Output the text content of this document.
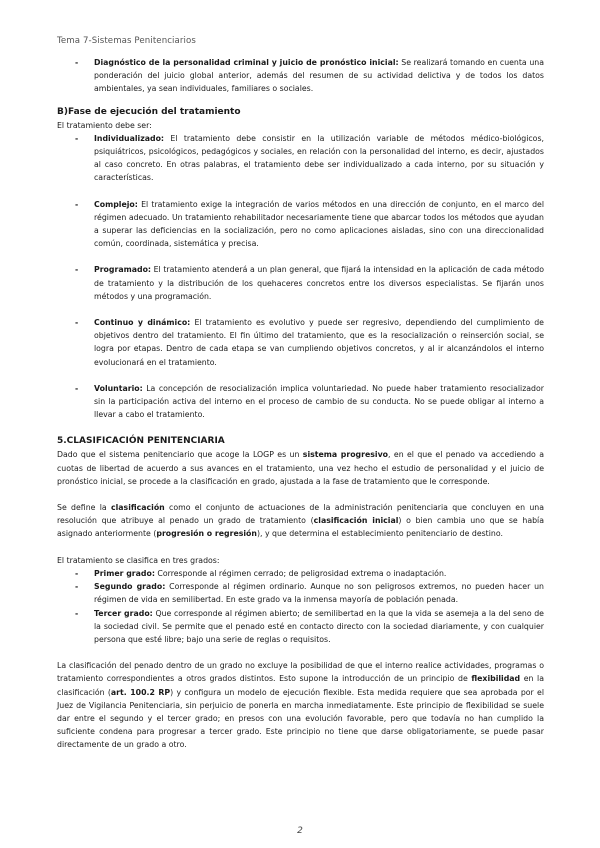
Tema 7-Sistemas Penitenciarios
- Diagnóstico de la personalidad criminal y juicio de pronóstico inicial: Se realizará tomando en cuenta una ponderación del juicio global anterior, además del resumen de su actividad delictiva y de todos los datos ambientales, ya sean individuales, familiares o sociales.
B)Fase de ejecución del tratamiento

El tratamiento debe ser:

- Individualizado: El tratamiento debe consistir en la utilización variable de métodos médico-biológicos, psiquiátricos, psicológicos, pedagógicos y sociales, en relación con la personalidad del interno, es decir, ajustados al caso concreto. En otras palabras, el tratamiento debe ser individualizado a cada interno, por su situación y características.
- Complejo: El tratamiento exige la integración de varios métodos en una dirección de conjunto, en el marco del régimen adecuado. Un tratamiento rehabilitador necesariamente tiene que abarcar todos los métodos que ayudan a superar las deficiencias en la socialización, pero no como aplicaciones aisladas, sino con una direccionalidad común, coordinada, sistemática y precisa.
- Programado: El tratamiento atenderá a un plan general, que fijará la intensidad en la aplicación de cada método de tratamiento y la distribución de los quehaceres concretos entre los diversos especialistas. Se fijarán unos métodos y una programación.
- Continuo y dinámico: El tratamiento es evolutivo y puede ser regresivo, dependiendo del cumplimiento de objetivos dentro del tratamiento. El fin último del tratamiento, que es la resocialización o reinserción social, se logra por etapas. Dentro de cada etapa se van cumpliendo objetivos concretos, y al ir alcanzándolos el interno evolucionará en el tratamiento.
- Voluntario: La concepción de resocialización implica voluntariedad. No puede haber tratamiento resocializador sin la participación activa del interno en el proceso de cambio de su conducta. No se puede obligar al interno a llevar a cabo el tratamiento.
5.CLASIFICACIÓN PENITENCIARIA

Dado que el sistema penitenciario que acoge la LOGP es un sistema progresivo, en el que el penado va accediendo a cuotas de libertad de acuerdo a sus avances en el tratamiento, una vez hecho el estudio de personalidad y el juicio de pronóstico inicial, se procede a la clasificación en grado, ajustada a la fase de tratamiento que le corresponde.

Se define la clasificación como el conjunto de actuaciones de la administración penitenciaria que concluyen en una resolución que atribuye al penado un grado de tratamiento (clasificación inicial) o bien cambia uno que se había asignado anteriormente (progresión o regresión), y que determina el establecimiento penitenciario de destino.

El tratamiento se clasifica en tres grados:

- Primer grado: Corresponde al régimen cerrado; de peligrosidad extrema o inadaptación.
- Segundo grado: Corresponde al régimen ordinario. Aunque no son peligrosos extremos, no pueden hacer un régimen de vida en semilibertad. En este grado va la inmensa mayoría de población penada.
- Tercer grado: Que corresponde al régimen abierto; de semilibertad en la que la vida se asemeja a la del seno de la sociedad civil. Se permite que el penado esté en contacto directo con la sociedad diariamente, y con cualquier persona que esté libre; bajo una serie de reglas o requisitos.

La clasificación del penado dentro de un grado no excluye la posibilidad de que el interno realice actividades, programas o tratamiento correspondientes a otros grados distintos. Esto supone la introducción de un principio de flexibilidad en la clasificación (art. 100.2 RP) y configura un modelo de ejecución flexible. Esta medida requiere que sea aprobada por el Juez de Vigilancia Penitenciaria, sin perjuicio de ponerla en marcha inmediatamente. Este principio de flexibilidad se suele dar entre el segundo y el tercer grado; en presos con una evolución favorable, pero que todavía no han cumplido la suficiente condena para progresar a tercer grado. Este principio no tiene que darse obligatoriamente, se puede pasar directamente de un grado a otro.

2
